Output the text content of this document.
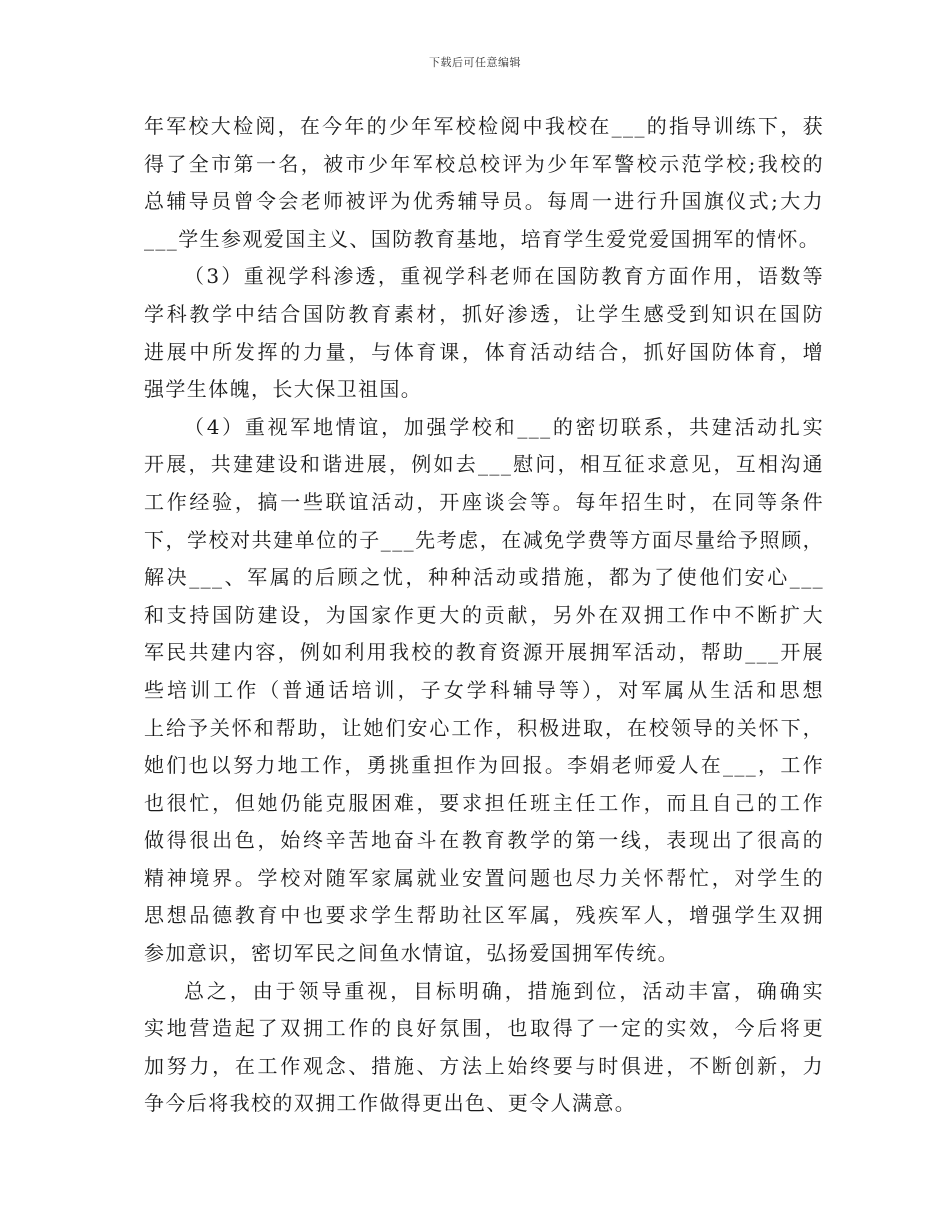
下载后可任意编辑
年军校大检阅，在今年的少年军校检阅中我校在___的指导训练下，获
得了全市第一名，被市少年军校总校评为少年军警校示范学校;我校的
总辅导员曾令会老师被评为优秀辅导员。每周一进行升国旗仪式;大力
___学生参观爱国主义、国防教育基地，培育学生爱党爱国拥军的情怀。
（3）重视学科渗透，重视学科老师在国防教育方面作用，语数等
学科教学中结合国防教育素材，抓好渗透，让学生感受到知识在国防
进展中所发挥的力量，与体育课，体育活动结合，抓好国防体育，增
强学生体魄，长大保卫祖国。
（4）重视军地情谊，加强学校和___的密切联系，共建活动扎实
开展，共建建设和谐进展，例如去___慰问，相互征求意见，互相沟通
工作经验，搞一些联谊活动，开座谈会等。每年招生时，在同等条件
下，学校对共建单位的子___先考虑，在减免学费等方面尽量给予照顾，
解决___、军属的后顾之忧，种种活动或措施，都为了使他们安心___
和支持国防建设，为国家作更大的贡献，另外在双拥工作中不断扩大
军民共建内容，例如利用我校的教育资源开展拥军活动，帮助___开展
些培训工作（普通话培训，子女学科辅导等），对军属从生活和思想
上给予关怀和帮助，让她们安心工作，积极进取，在校领导的关怀下，
她们也以努力地工作，勇挑重担作为回报。李娟老师爱人在___，工作
也很忙，但她仍能克服困难，要求担任班主任工作，而且自己的工作
做得很出色，始终辛苦地奋斗在教育教学的第一线，表现出了很高的
精神境界。学校对随军家属就业安置问题也尽力关怀帮忙，对学生的
思想品德教育中也要求学生帮助社区军属，残疾军人，增强学生双拥
参加意识，密切军民之间鱼水情谊，弘扬爱国拥军传统。
总之，由于领导重视，目标明确，措施到位，活动丰富，确确实
实地营造起了双拥工作的良好氛围，也取得了一定的实效，今后将更
加努力，在工作观念、措施、方法上始终要与时俱进，不断创新，力
争今后将我校的双拥工作做得更出色、更令人满意。
